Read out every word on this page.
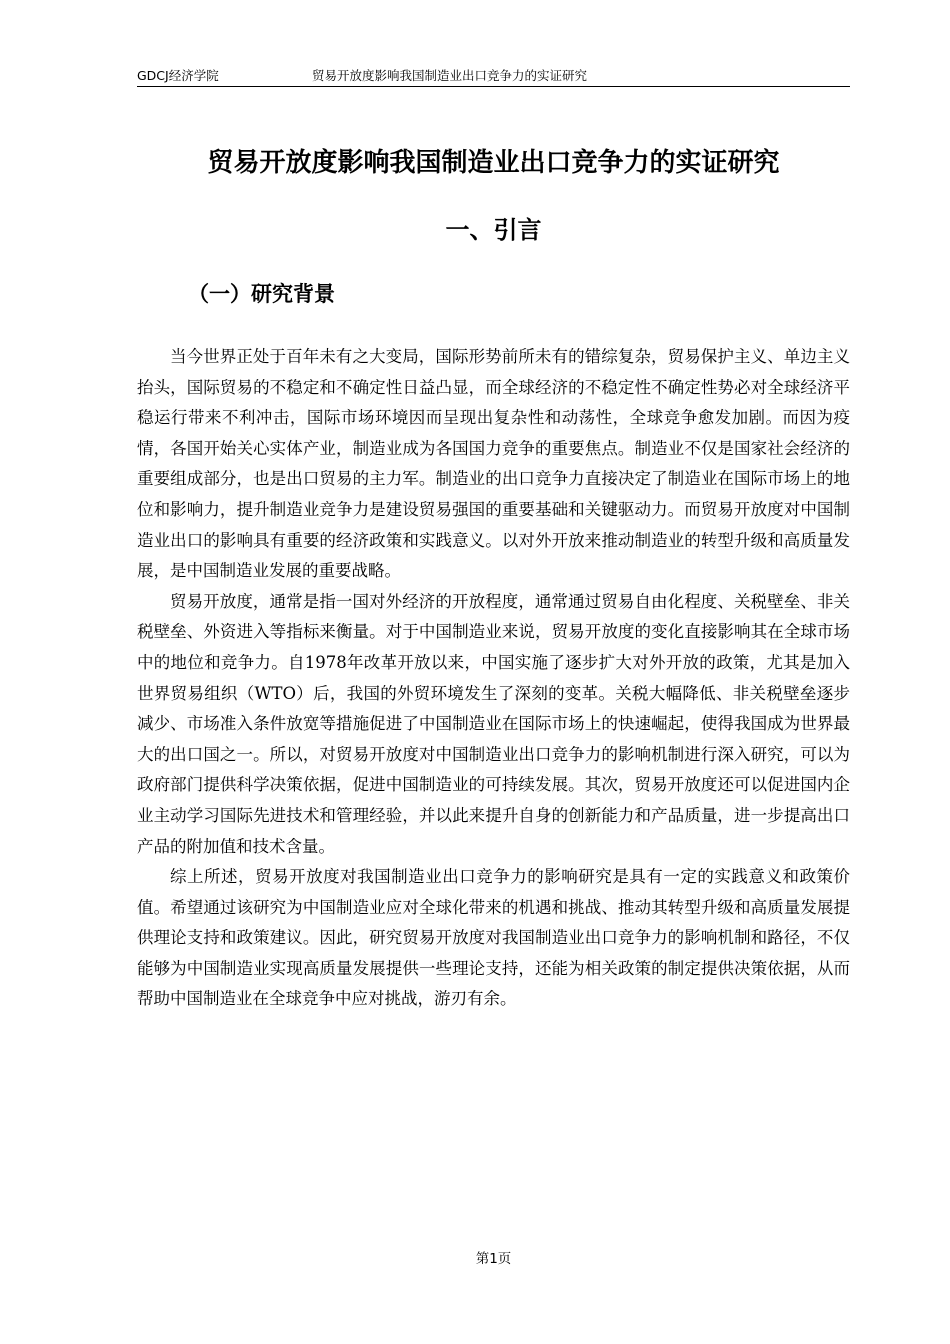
GDCJ经济学院	贸易开放度影响我国制造业出口竞争力的实证研究
贸易开放度影响我国制造业出口竞争力的实证研究
一、引言
（一）研究背景

当今世界正处于百年未有之大变局，国际形势前所未有的错综复杂，贸易保护主义、单边主义抬头，国际贸易的不稳定和不确定性日益凸显，而全球经济的不稳定性不确定性势必对全球经济平稳运行带来不利冲击，国际市场环境因而呈现出复杂性和动荡性，全球竞争愈发加剧。而因为疫情，各国开始关心实体产业，制造业成为各国国力竞争的重要焦点。制造业不仅是国家社会经济的重要组成部分，也是出口贸易的主力军。制造业的出口竞争力直接决定了制造业在国际市场上的地位和影响力，提升制造业竞争力是建设贸易强国的重要基础和关键驱动力。而贸易开放度对中国制造业出口的影响具有重要的经济政策和实践意义。以对外开放来推动制造业的转型升级和高质量发展，是中国制造业发展的重要战略。

贸易开放度，通常是指一国对外经济的开放程度，通常通过贸易自由化程度、关税壁垒、非关税壁垒、外资进入等指标来衡量。对于中国制造业来说，贸易开放度的变化直接影响其在全球市场中的地位和竞争力。自1978年改革开放以来，中国实施了逐步扩大对外开放的政策，尤其是加入世界贸易组织（WTO）后，我国的外贸环境发生了深刻的变革。关税大幅降低、非关税壁垒逐步减少、市场准入条件放宽等措施促进了中国制造业在国际市场上的快速崛起，使得我国成为世界最大的出口国之一。所以，对贸易开放度对中国制造业出口竞争力的影响机制进行深入研究，可以为政府部门提供科学决策依据，促进中国制造业的可持续发展。其次，贸易开放度还可以促进国内企业主动学习国际先进技术和管理经验，并以此来提升自身的创新能力和产品质量，进一步提高出口产品的附加值和技术含量。

综上所述，贸易开放度对我国制造业出口竞争力的影响研究是具有一定的实践意义和政策价值。希望通过该研究为中国制造业应对全球化带来的机遇和挑战、推动其转型升级和高质量发展提供理论支持和政策建议。因此，研究贸易开放度对我国制造业出口竞争力的影响机制和路径，不仅能够为中国制造业实现高质量发展提供一些理论支持，还能为相关政策的制定提供决策依据，从而帮助中国制造业在全球竞争中应对挑战，游刃有余。

第1页
